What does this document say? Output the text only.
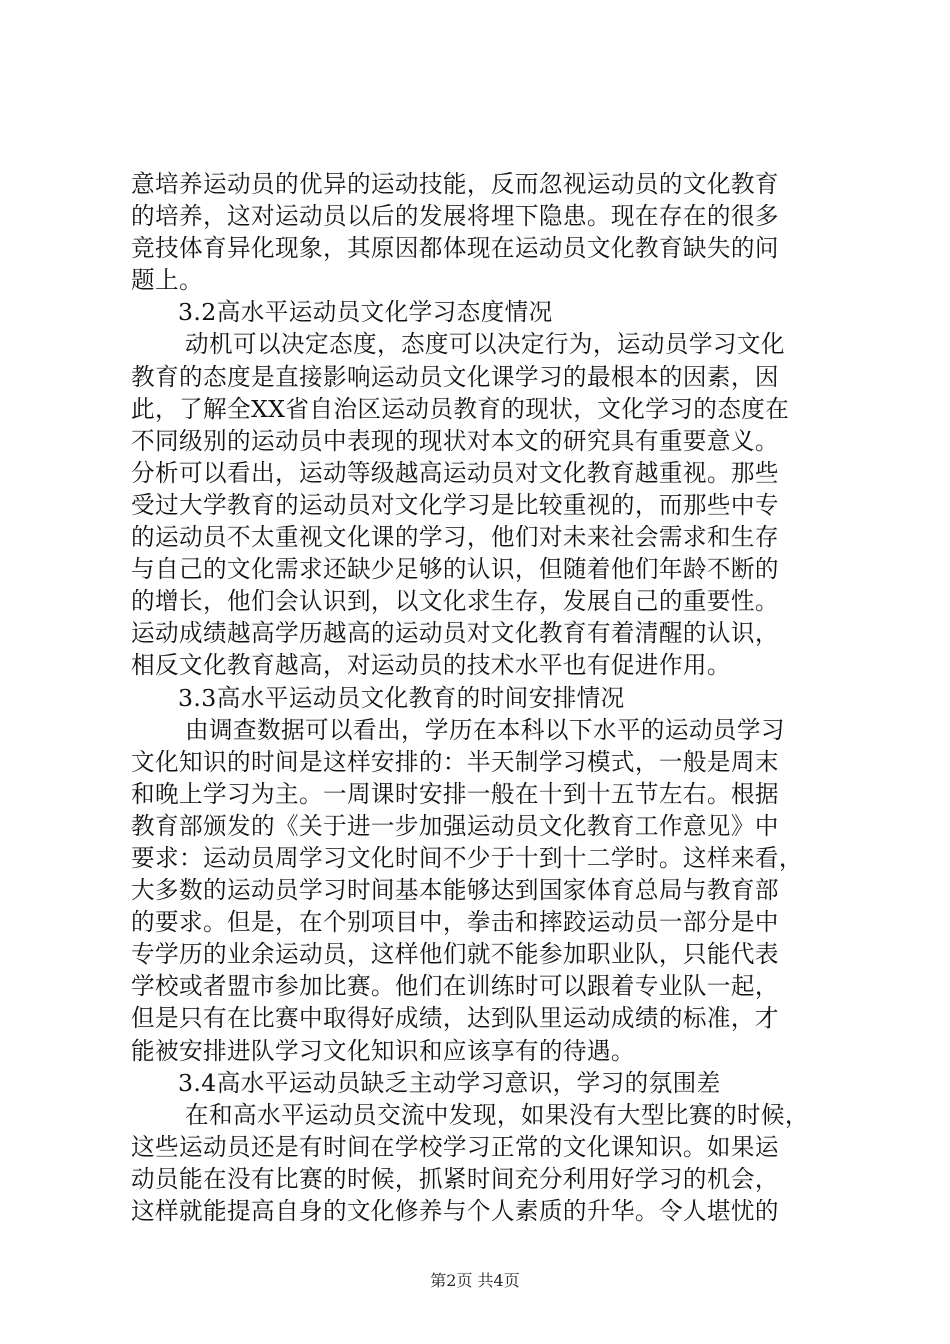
意培养运动员的优异的运动技能，反而忽视运动员的文化教育
的培养，这对运动员以后的发展将埋下隐患。现在存在的很多
竞技体育异化现象，其原因都体现在运动员文化教育缺失的问
题上。
3.2高水平运动员文化学习态度情况
动机可以决定态度，态度可以决定行为，运动员学习文化
教育的态度是直接影响运动员文化课学习的最根本的因素，因
此，了解全XX省自治区运动员教育的现状，文化学习的态度在
不同级别的运动员中表现的现状对本文的研究具有重要意义。
分析可以看出，运动等级越高运动员对文化教育越重视。那些
受过大学教育的运动员对文化学习是比较重视的，而那些中专
的运动员不太重视文化课的学习，他们对未来社会需求和生存
与自己的文化需求还缺少足够的认识，但随着他们年龄不断的
的增长，他们会认识到，以文化求生存，发展自己的重要性。
运动成绩越高学历越高的运动员对文化教育有着清醒的认识，
相反文化教育越高，对运动员的技术水平也有促进作用。
3.3高水平运动员文化教育的时间安排情况
由调查数据可以看出，学历在本科以下水平的运动员学习
文化知识的时间是这样安排的：半天制学习模式，一般是周末
和晚上学习为主。一周课时安排一般在十到十五节左右。根据
教育部颁发的《关于进一步加强运动员文化教育工作意见》中
要求：运动员周学习文化时间不少于十到十二学时。这样来看，
大多数的运动员学习时间基本能够达到国家体育总局与教育部
的要求。但是，在个别项目中，拳击和摔跤运动员一部分是中
专学历的业余运动员，这样他们就不能参加职业队，只能代表
学校或者盟市参加比赛。他们在训练时可以跟着专业队一起，
但是只有在比赛中取得好成绩，达到队里运动成绩的标准，才
能被安排进队学习文化知识和应该享有的待遇。
3.4高水平运动员缺乏主动学习意识，学习的氛围差
在和高水平运动员交流中发现，如果没有大型比赛的时候，
这些运动员还是有时间在学校学习正常的文化课知识。如果运
动员能在没有比赛的时候，抓紧时间充分利用好学习的机会，
这样就能提高自身的文化修养与个人素质的升华。令人堪忧的
第2页 共4页
